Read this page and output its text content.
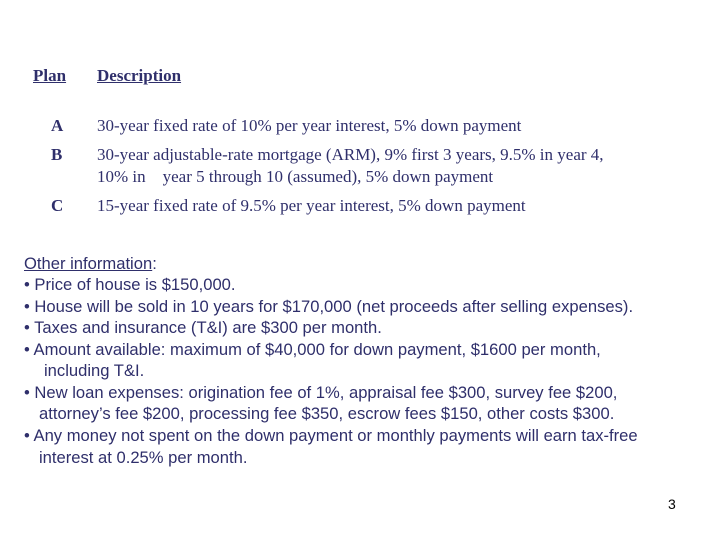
Plan Description
A 30-year fixed rate of 10% per year interest, 5% down payment
B 30-year adjustable-rate mortgage (ARM), 9% first 3 years, 9.5% in year 4,
10% in    year 5 through 10 (assumed), 5% down payment
C 15-year fixed rate of 9.5% per year interest, 5% down payment
Other information:
• Price of house is $150,000.
• House will be sold in 10 years for $170,000 (net proceeds after selling expenses).
• Taxes and insurance (T&I) are $300 per month.
• Amount available: maximum of $40,000 for down payment, $1600 per month,
including T&I.
• New loan expenses: origination fee of 1%, appraisal fee $300, survey fee $200,
attorney’s fee $200, processing fee $350, escrow fees $150, other costs $300.
• Any money not spent on the down payment or monthly payments will earn tax-free
interest at 0.25% per month.
3
